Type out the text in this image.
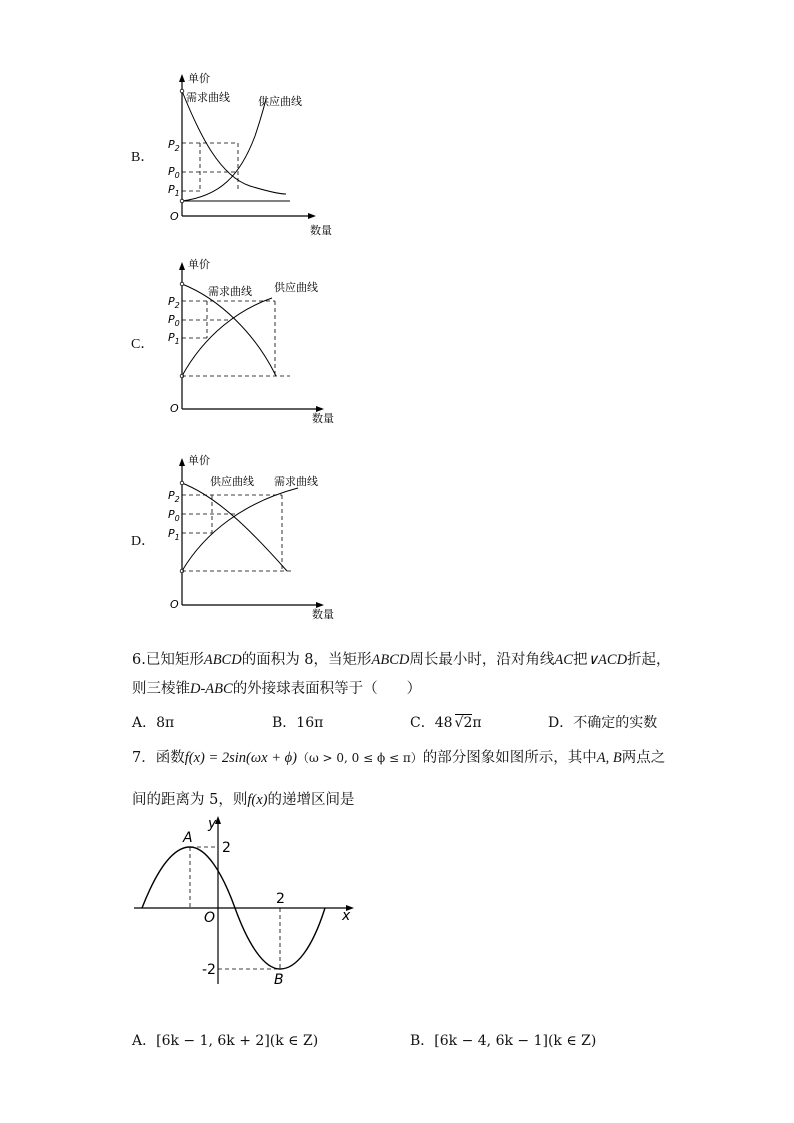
B．
单价
数量
O
需求曲线	供应曲线
$P_2$
$P_0$
$P_1$
C．
单价
数量
O
需求曲线 供应曲线
$P_2$
$P_0$
$P_1$
D．
单价
数量
O
供应曲线 需求曲线
$P_2$
$P_0$
$P_1$
6.已知矩形ABCD的面积为 8，当矩形ABCD周长最小时，沿对角线AC把∨ACD折起，
则三棱锥D-ABC的外接球表面积等于（　　）
A．8π	B．16π	C．48 √2π	D．不确定的实数
7．函数f(x) = 2sin(ωx + ϕ)（ω > 0, 0 ≤ ϕ ≤ π）的部分图象如图所示，其中A, B两点之
间的距离为 5，则f(x)的递增区间是
y
x
O
A
B
2
-2
2
A．[6k − 1, 6k + 2](k ∈ Z)	B．[6k − 4, 6k − 1](k ∈ Z)
